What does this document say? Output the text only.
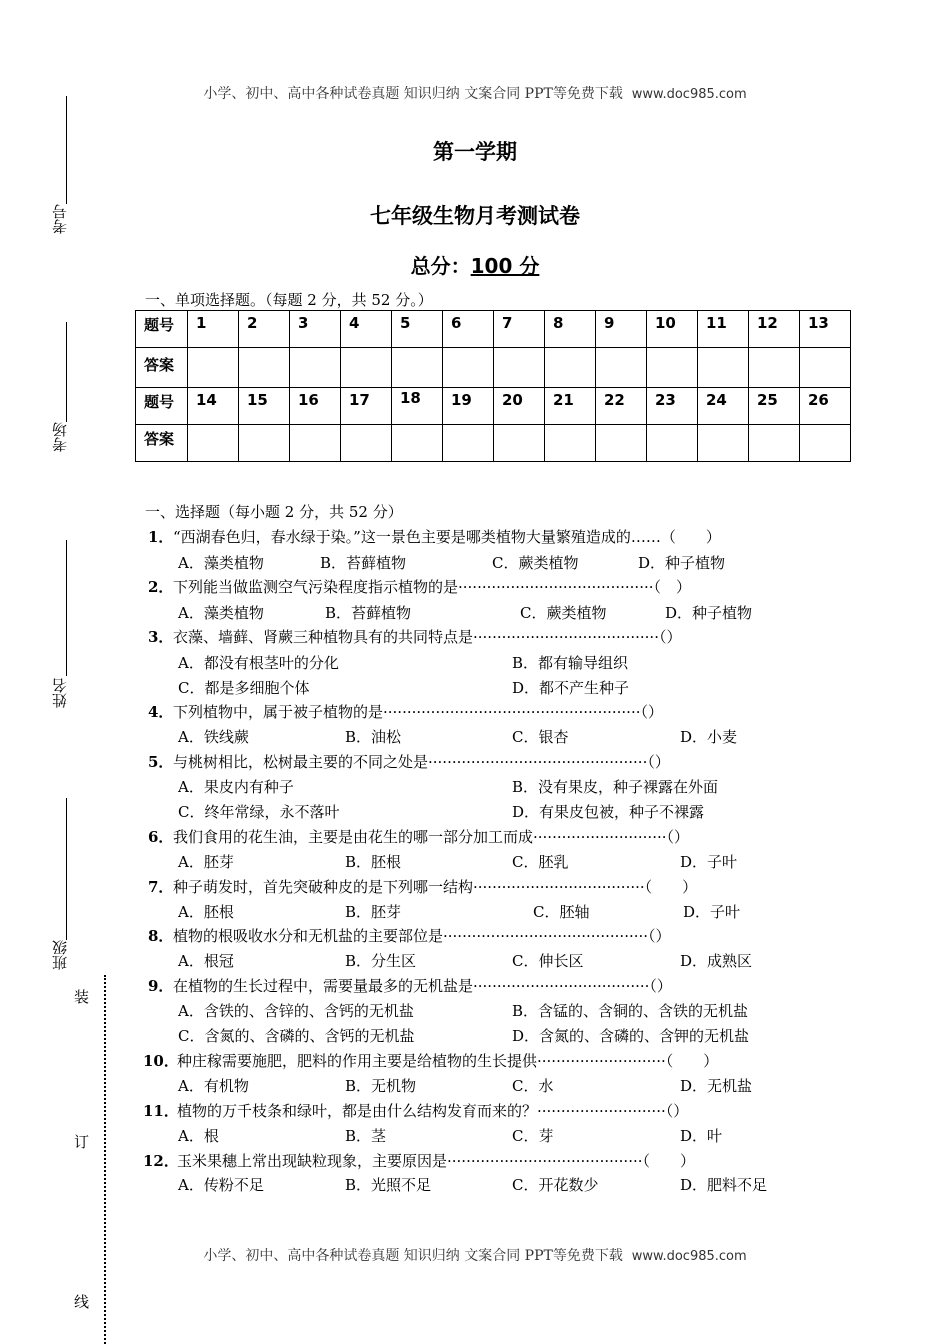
小学、初中、高中各种试卷真题 知识归纳 文案合同 PPT等免费下载 www.doc985.com
第一学期
七年级生物月考测试卷
总分：100 分
考号
考场
姓名
班级
装
订
线
一、单项选择题。（每题 2 分，共 52 分。）
题号	1	2	3	4	5	6	7	8	9	10	11	12	13
答案													
题号	14	15	16	17	18	19	20	21	22	23	24	25	26
答案													
一、选择题（每小题 2 分，共 52 分）
1． “西湖春色归，春水绿于染。”这一景色主要是哪类植物大量繁殖造成的……（　　）
A．藻类植物	B．苔藓植物	C．蕨类植物	D．种子植物
2． 下列能当做监测空气污染程度指示植物的是·········································（　）
A．藻类植物	B．苔藓植物	C．蕨类植物	D．种子植物
3． 衣藻、墙藓、肾蕨三种植物具有的共同特点是·······································（）
A．都没有根茎叶的分化	B．都有输导组织
C．都是多细胞个体	D．都不产生种子
4． 下列植物中，属于被子植物的是······················································（）
A．铁线蕨	B．油松	C．银杏	D．小麦
5． 与桃树相比，松树最主要的不同之处是··············································（）
A．果皮内有种子	B．没有果皮，种子裸露在外面
C．终年常绿，永不落叶	D．有果皮包被，种子不裸露
6． 我们食用的花生油，主要是由花生的哪一部分加工而成····························（）
A．胚芽	B．胚根	C．胚乳	D．子叶
7． 种子萌发时，首先突破种皮的是下列哪一结构····································（　　）
A．胚根	B．胚芽	C．胚轴	D．子叶
8． 植物的根吸收水分和无机盐的主要部位是···········································（）
A．根冠	B．分生区	C．伸长区	D．成熟区
9． 在植物的生长过程中，需要量最多的无机盐是·····································（）
A．含铁的、含锌的、含钙的无机盐	B．含锰的、含铜的、含铁的无机盐
C．含氮的、含磷的、含钙的无机盐	D．含氮的、含磷的、含钾的无机盐
10．
种庄稼需要施肥，肥料的作用主要是给植物的生长提供···························（　　）
A．有机物	B．无机物	C．水	D．无机盐
11．
植物的万千枝条和绿叶，都是由什么结构发育而来的？···························（）
A．根	B．茎	C．芽	D．叶
12．
玉米果穗上常出现缺粒现象，主要原因是·········································（　　）
A．传粉不足	B．光照不足	C．开花数少	D．肥料不足
小学、初中、高中各种试卷真题 知识归纳 文案合同 PPT等免费下载 www.doc985.com
